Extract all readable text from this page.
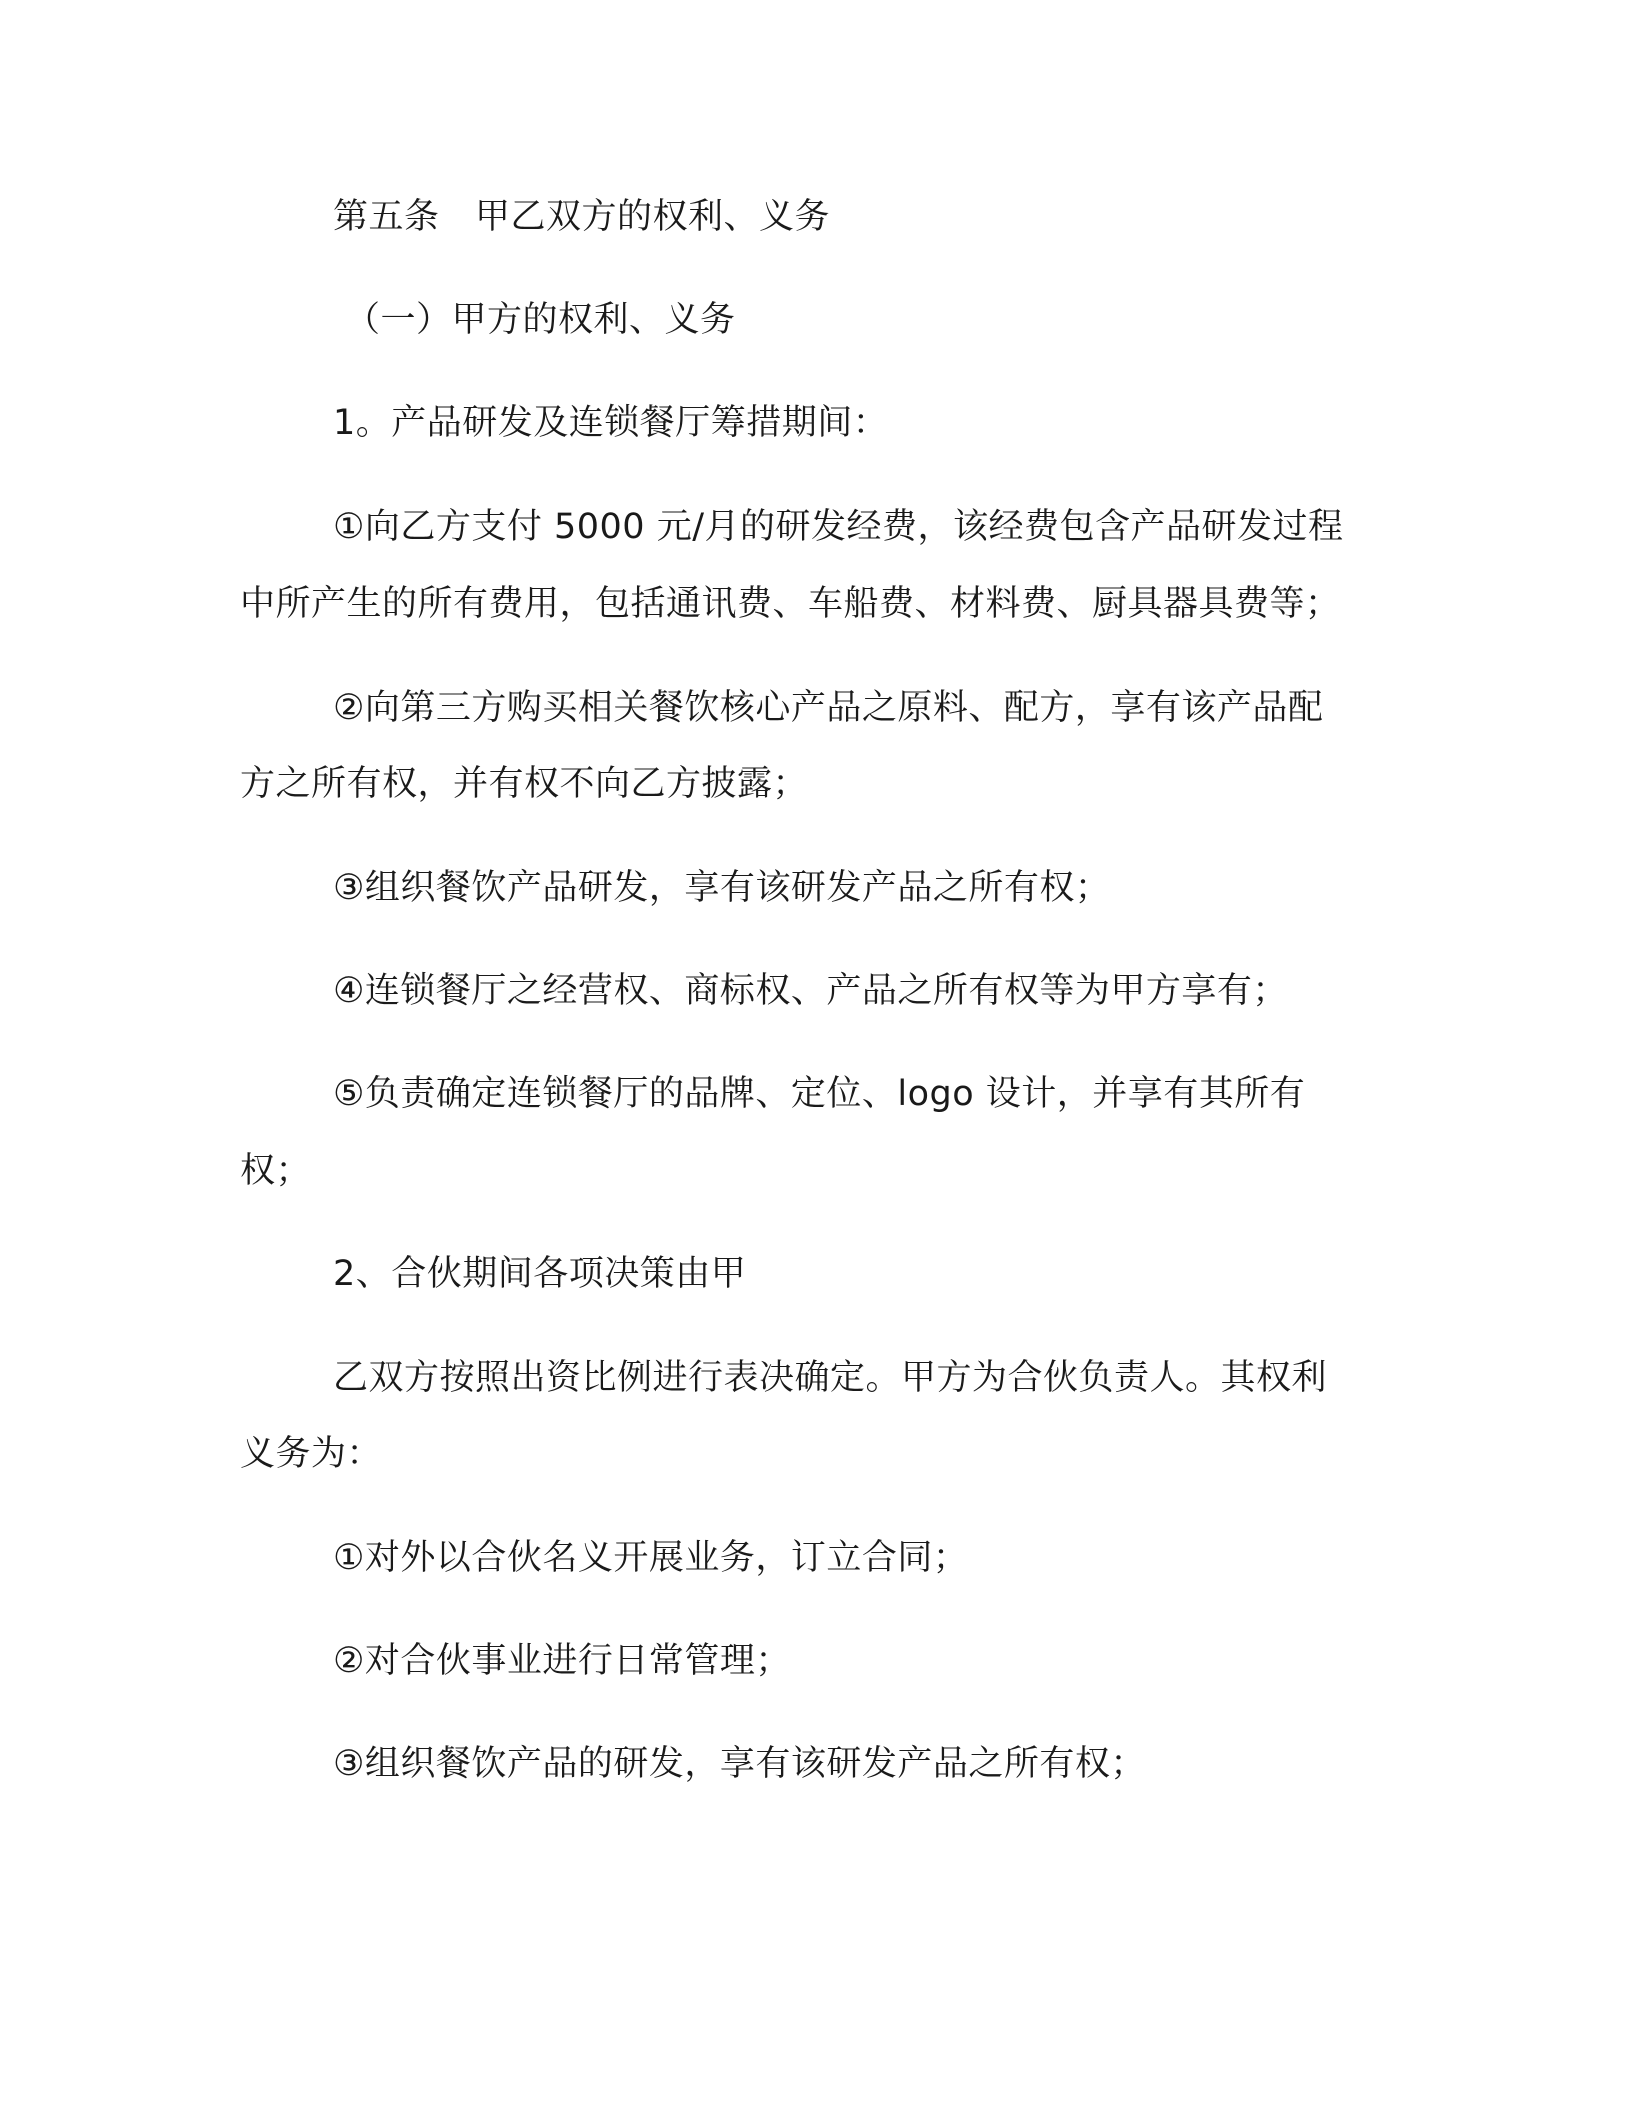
第五条　甲乙双方的权利、义务
（一）甲方的权利、义务
1。产品研发及连锁餐厅筹措期间：
①向乙方支付 5000 元/月的研发经费，该经费包含产品研发过程
中所产生的所有费用，包括通讯费、车船费、材料费、厨具器具费等；
②向第三方购买相关餐饮核心产品之原料、配方，享有该产品配
方之所有权，并有权不向乙方披露；
③组织餐饮产品研发，享有该研发产品之所有权；
④连锁餐厅之经营权、商标权、产品之所有权等为甲方享有；
⑤负责确定连锁餐厅的品牌、定位、logo 设计，并享有其所有
权；
2、合伙期间各项决策由甲
乙双方按照出资比例进行表决确定。甲方为合伙负责人。其权利
义务为：
①对外以合伙名义开展业务，订立合同；
②对合伙事业进行日常管理；
③组织餐饮产品的研发，享有该研发产品之所有权；
